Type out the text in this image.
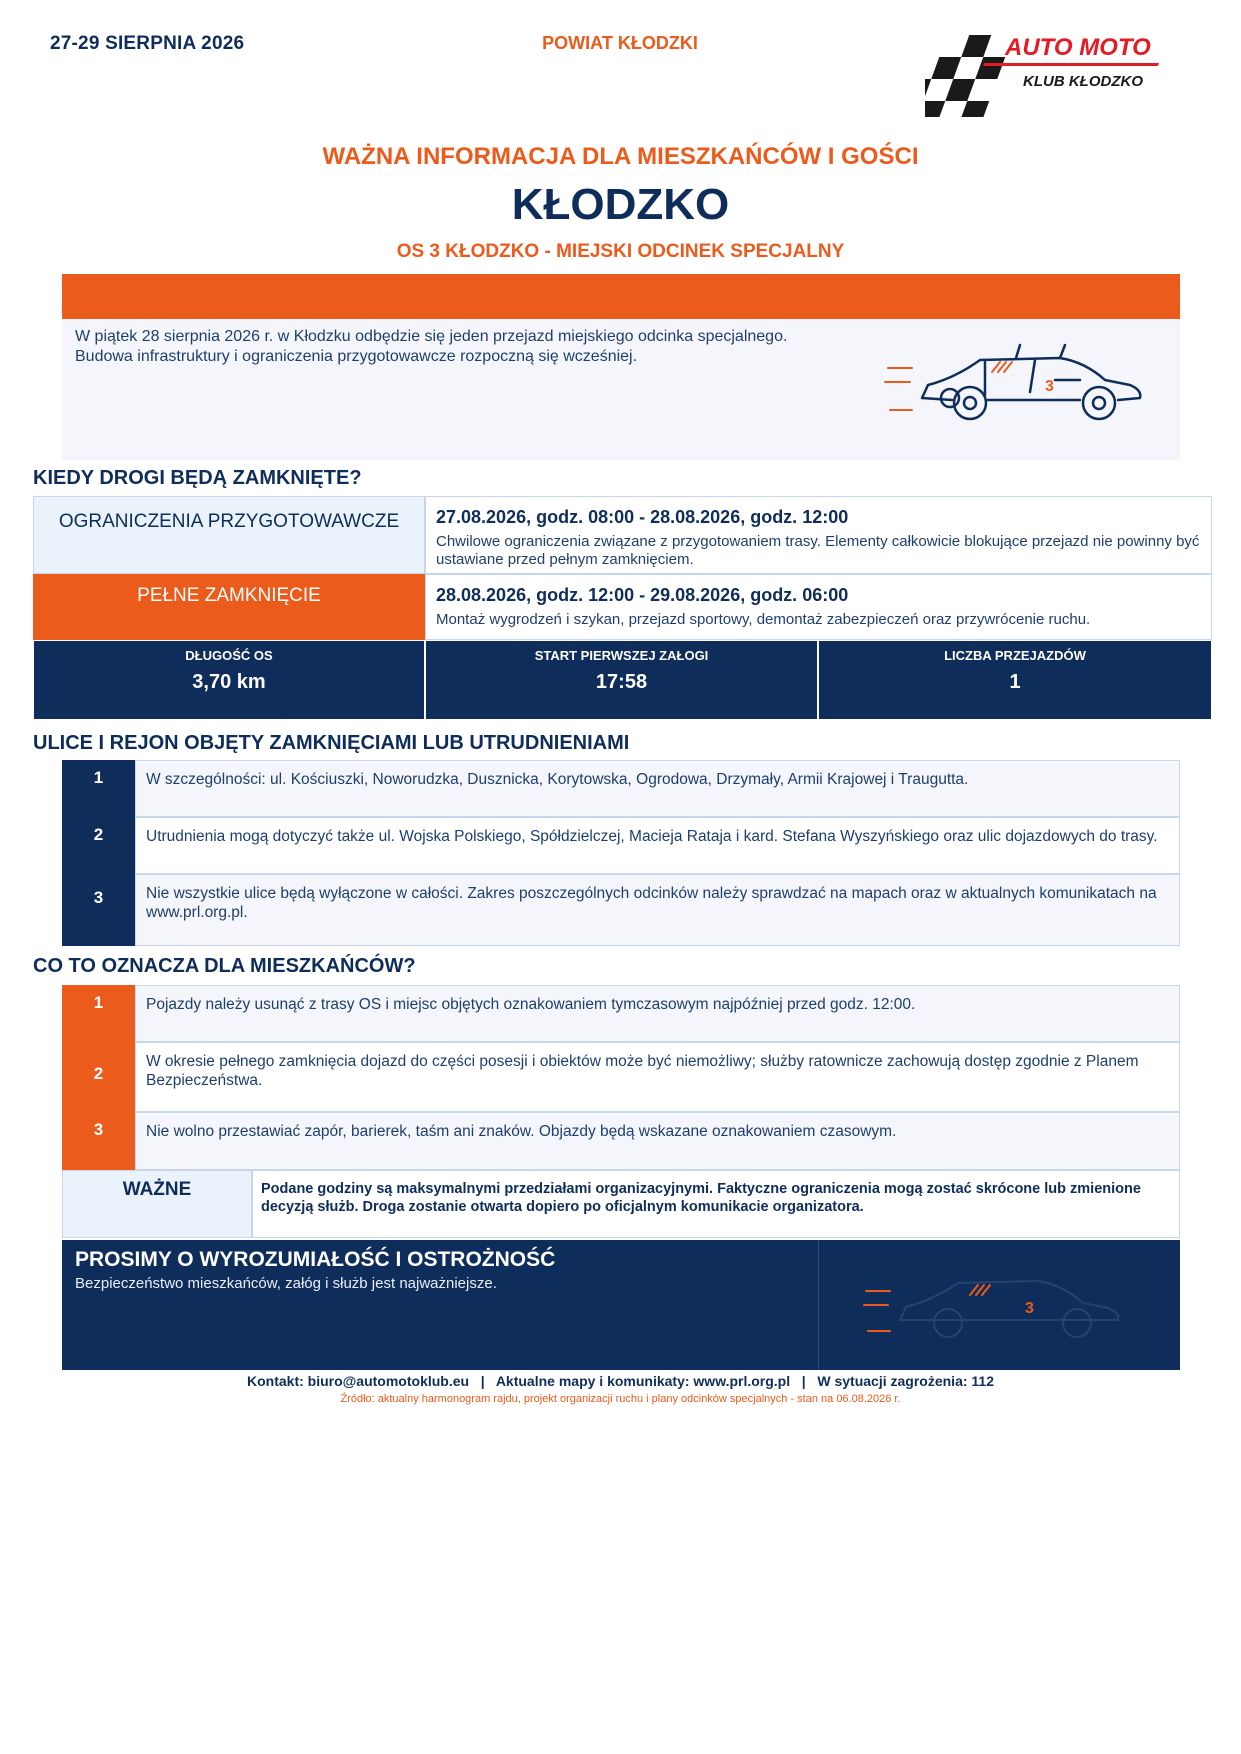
27-29 SIERPNIA 2026	POWIAT KŁODZKI	AUTO MOTO
KLUB KŁODZKO
WAŻNA INFORMACJA DLA MIESZKAŃCÓW I GOŚCI
KŁODZKO
OS 3 KŁODZKO - MIEJSKI ODCINEK SPECJALNY
W piątek 28 sierpnia 2026 r. w Kłodzku odbędzie się jeden przejazd miejskiego odcinka specjalnego.
Budowa infrastruktury i ograniczenia przygotowawcze rozpoczną się wcześniej.
3
KIEDY DROGI BĘDĄ ZAMKNIĘTE?
OGRANICZENIA PRZYGOTOWAWCZE	27.08.2026, godz. 08:00 - 28.08.2026, godz. 12:00
Chwilowe ograniczenia związane z przygotowaniem trasy. Elementy całkowicie blokujące przejazd nie powinny być ustawiane przed pełnym zamknięciem.
PEŁNE ZAMKNIĘCIE	28.08.2026, godz. 12:00 - 29.08.2026, godz. 06:00
Montaż wygrodzeń i szykan, przejazd sportowy, demontaż zabezpieczeń oraz przywrócenie ruchu.
DŁUGOŚĆ OS
3,70 km
START PIERWSZEJ ZAŁOGI
17:58
LICZBA PRZEJAZDÓW
1
ULICE I REJON OBJĘTY ZAMKNIĘCIAMI LUB UTRUDNIENIAMI
1	W szczególności: ul. Kościuszki, Noworudzka, Dusznicka, Korytowska, Ogrodowa, Drzymały, Armii Krajowej i Traugutta.
2	Utrudnienia mogą dotyczyć także ul. Wojska Polskiego, Spółdzielczej, Macieja Rataja i kard. Stefana Wyszyńskiego oraz ulic dojazdowych do trasy.
3	Nie wszystkie ulice będą wyłączone w całości. Zakres poszczególnych odcinków należy sprawdzać na mapach oraz w aktualnych komunikatach na www.prl.org.pl.
CO TO OZNACZA DLA MIESZKAŃCÓW?
1	Pojazdy należy usunąć z trasy OS i miejsc objętych oznakowaniem tymczasowym najpóźniej przed godz. 12:00.
2
W okresie pełnego zamknięcia dojazd do części posesji i obiektów może być niemożliwy; służby ratownicze zachowują dostęp zgodnie z Planem Bezpieczeństwa.
3	Nie wolno przestawiać zapór, barierek, taśm ani znaków. Objazdy będą wskazane oznakowaniem czasowym.
WAŻNE	Podane godziny są maksymalnymi przedziałami organizacyjnymi. Faktyczne ograniczenia mogą zostać skrócone lub zmienione decyzją służb. Droga zostanie otwarta dopiero po oficjalnym komunikacie organizatora.
PROSIMY O WYROZUMIAŁOŚĆ I OSTROŻNOŚĆ
Bezpieczeństwo mieszkańców, załóg i służb jest najważniejsze.
3
Kontakt: biuro@automotoklub.eu   |   Aktualne mapy i komunikaty: www.prl.org.pl   |   W sytuacji zagrożenia: 112
Źródło: aktualny harmonogram rajdu, projekt organizacji ruchu i plany odcinków specjalnych - stan na 06.08.2026 r.
